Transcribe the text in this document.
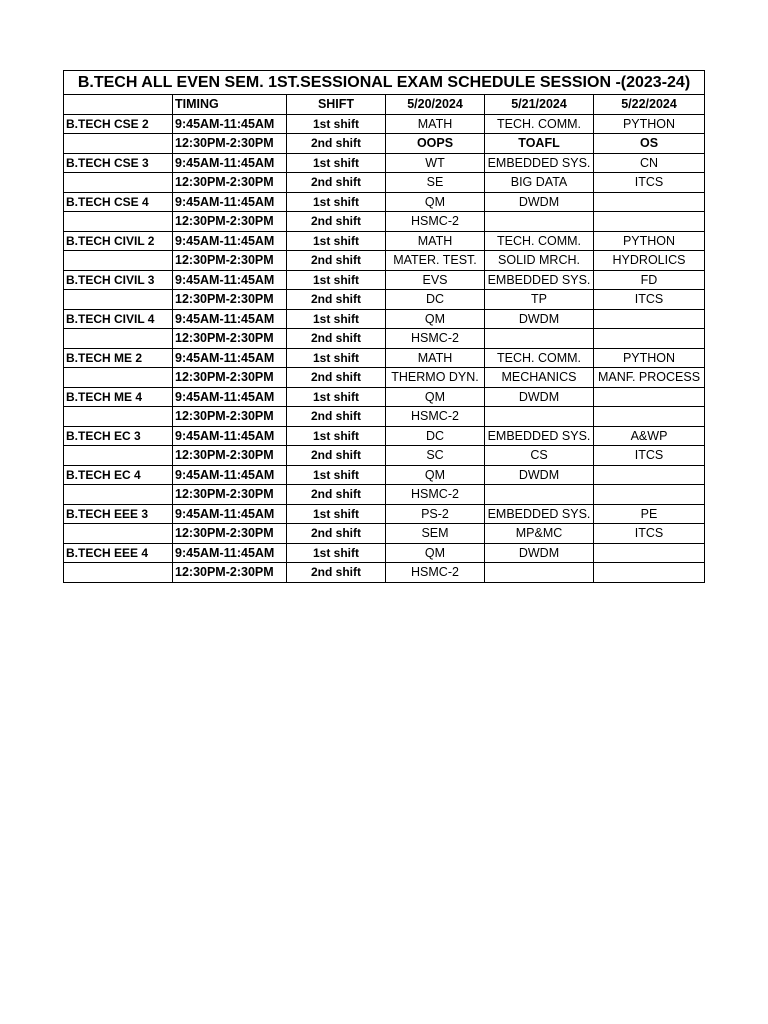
B.TECH ALL EVEN SEM. 1ST.SESSIONAL EXAM SCHEDULE SESSION -(2023-24)					
	TIMING	SHIFT	5/20/2024	5/21/2024	5/22/2024
B.TECH CSE 2	9:45AM-11:45AM	1st shift	MATH	TECH. COMM.	PYTHON
	12:30PM-2:30PM	2nd shift	OOPS	TOAFL	OS
B.TECH CSE 3	9:45AM-11:45AM	1st shift	WT	EMBEDDED SYS.	CN
	12:30PM-2:30PM	2nd shift	SE	BIG DATA	ITCS
B.TECH CSE 4	9:45AM-11:45AM	1st shift	QM	DWDM	
	12:30PM-2:30PM	2nd shift	HSMC-2		
B.TECH CIVIL 2	9:45AM-11:45AM	1st shift	MATH	TECH. COMM.	PYTHON
	12:30PM-2:30PM	2nd shift	MATER. TEST.	SOLID MRCH.	HYDROLICS
B.TECH CIVIL 3	9:45AM-11:45AM	1st shift	EVS	EMBEDDED SYS.	FD
	12:30PM-2:30PM	2nd shift	DC	TP	ITCS
B.TECH CIVIL 4	9:45AM-11:45AM	1st shift	QM	DWDM	
	12:30PM-2:30PM	2nd shift	HSMC-2		
B.TECH ME 2	9:45AM-11:45AM	1st shift	MATH	TECH. COMM.	PYTHON
	12:30PM-2:30PM	2nd shift	THERMO DYN.	MECHANICS	MANF. PROCESS
B.TECH ME 4	9:45AM-11:45AM	1st shift	QM	DWDM	
	12:30PM-2:30PM	2nd shift	HSMC-2		
B.TECH EC 3	9:45AM-11:45AM	1st shift	DC	EMBEDDED SYS.	A&WP
	12:30PM-2:30PM	2nd shift	SC	CS	ITCS
B.TECH EC 4	9:45AM-11:45AM	1st shift	QM	DWDM	
	12:30PM-2:30PM	2nd shift	HSMC-2		
B.TECH EEE 3	9:45AM-11:45AM	1st shift	PS-2	EMBEDDED SYS.	PE
	12:30PM-2:30PM	2nd shift	SEM	MP&MC	ITCS
B.TECH EEE 4	9:45AM-11:45AM	1st shift	QM	DWDM	
	12:30PM-2:30PM	2nd shift	HSMC-2		
